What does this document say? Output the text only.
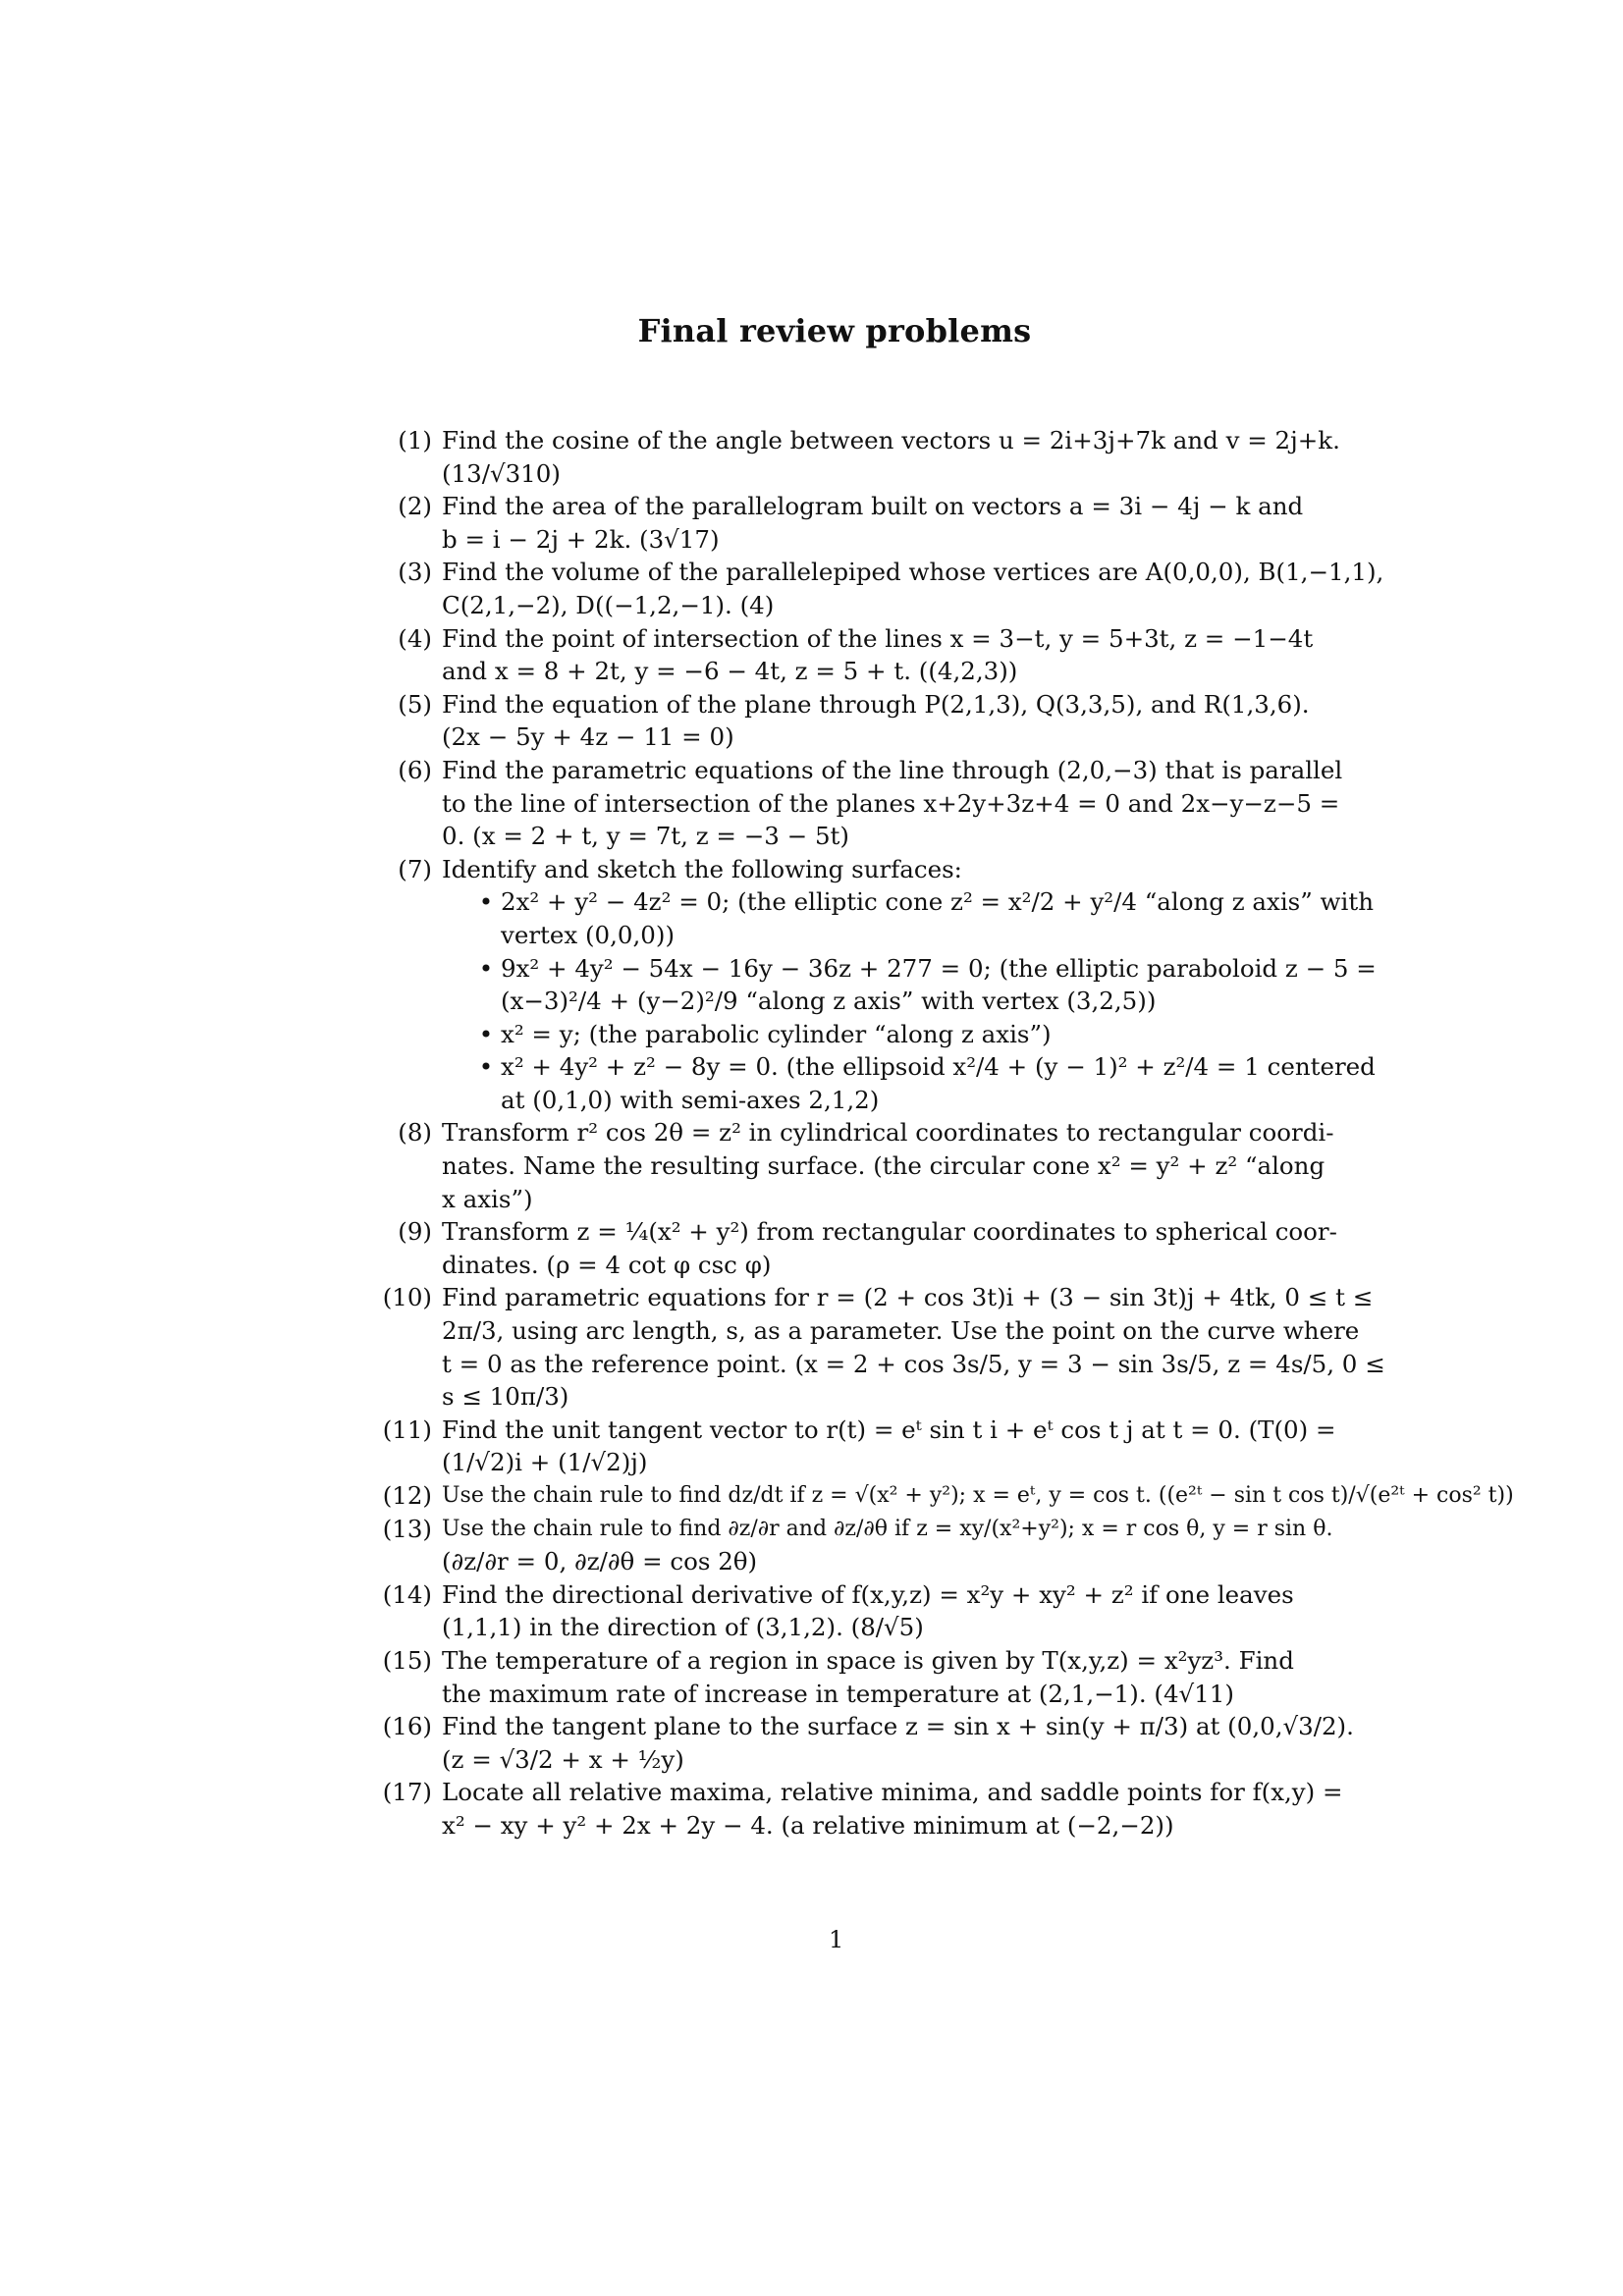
Final review problems
(1) Find the cosine of the angle between vectors u = 2i+3j+7k and v = 2j+k.
(13/√310)
(2) Find the area of the parallelogram built on vectors a = 3i − 4j − k and
b = i − 2j + 2k. (3√17)
(3) Find the volume of the parallelepiped whose vertices are A(0,0,0), B(1,−1,1),
C(2,1,−2), D((−1,2,−1). (4)
(4) Find the point of intersection of the lines x = 3−t, y = 5+3t, z = −1−4t
and x = 8 + 2t, y = −6 − 4t, z = 5 + t. ((4,2,3))
(5) Find the equation of the plane through P(2,1,3), Q(3,3,5), and R(1,3,6).
(2x − 5y + 4z − 11 = 0)
(6) Find the parametric equations of the line through (2,0,−3) that is parallel
to the line of intersection of the planes x+2y+3z+4 = 0 and 2x−y−z−5 =
0. (x = 2 + t, y = 7t, z = −3 − 5t)
(7) Identify and sketch the following surfaces:
• 2x² + y² − 4z² = 0; (the elliptic cone z² = x²/2 + y²/4 “along z axis” with
vertex (0,0,0))
• 9x² + 4y² − 54x − 16y − 36z + 277 = 0; (the elliptic paraboloid z − 5 =
(x−3)²/4 + (y−2)²/9 “along z axis” with vertex (3,2,5))
• x² = y; (the parabolic cylinder “along z axis”)
• x² + 4y² + z² − 8y = 0. (the ellipsoid x²/4 + (y − 1)² + z²/4 = 1 centered
at (0,1,0) with semi-axes 2,1,2)
(8) Transform r² cos 2θ = z² in cylindrical coordinates to rectangular coordi-
nates. Name the resulting surface. (the circular cone x² = y² + z² “along
x axis”)
(9) Transform z = ¼(x² + y²) from rectangular coordinates to spherical coor-
dinates. (ρ = 4 cot φ csc φ)
(10) Find parametric equations for r = (2 + cos 3t)i + (3 − sin 3t)j + 4tk, 0 ≤ t ≤
2π/3, using arc length, s, as a parameter. Use the point on the curve where
t = 0 as the reference point. (x = 2 + cos 3s/5, y = 3 − sin 3s/5, z = 4s/5, 0 ≤
s ≤ 10π/3)
(11) Find the unit tangent vector to r(t) = eᵗ sin t i + eᵗ cos t j at t = 0. (T(0) =
(1/√2)i + (1/√2)j)
(12) Use the chain rule to find dz/dt if z = √(x² + y²); x = eᵗ, y = cos t. ((e²ᵗ − sin t cos t)/√(e²ᵗ + cos² t))
(13) Use the chain rule to find ∂z/∂r and ∂z/∂θ if z = xy/(x²+y²); x = r cos θ, y = r sin θ.
(∂z/∂r = 0, ∂z/∂θ = cos 2θ)
(14) Find the directional derivative of f(x,y,z) = x²y + xy² + z² if one leaves
(1,1,1) in the direction of (3,1,2). (8/√5)
(15) The temperature of a region in space is given by T(x,y,z) = x²yz³. Find
the maximum rate of increase in temperature at (2,1,−1). (4√11)
(16) Find the tangent plane to the surface z = sin x + sin(y + π/3) at (0,0,√3/2).
(z = √3/2 + x + ½y)
(17) Locate all relative maxima, relative minima, and saddle points for f(x,y) =
x² − xy + y² + 2x + 2y − 4. (a relative minimum at (−2,−2))
1
